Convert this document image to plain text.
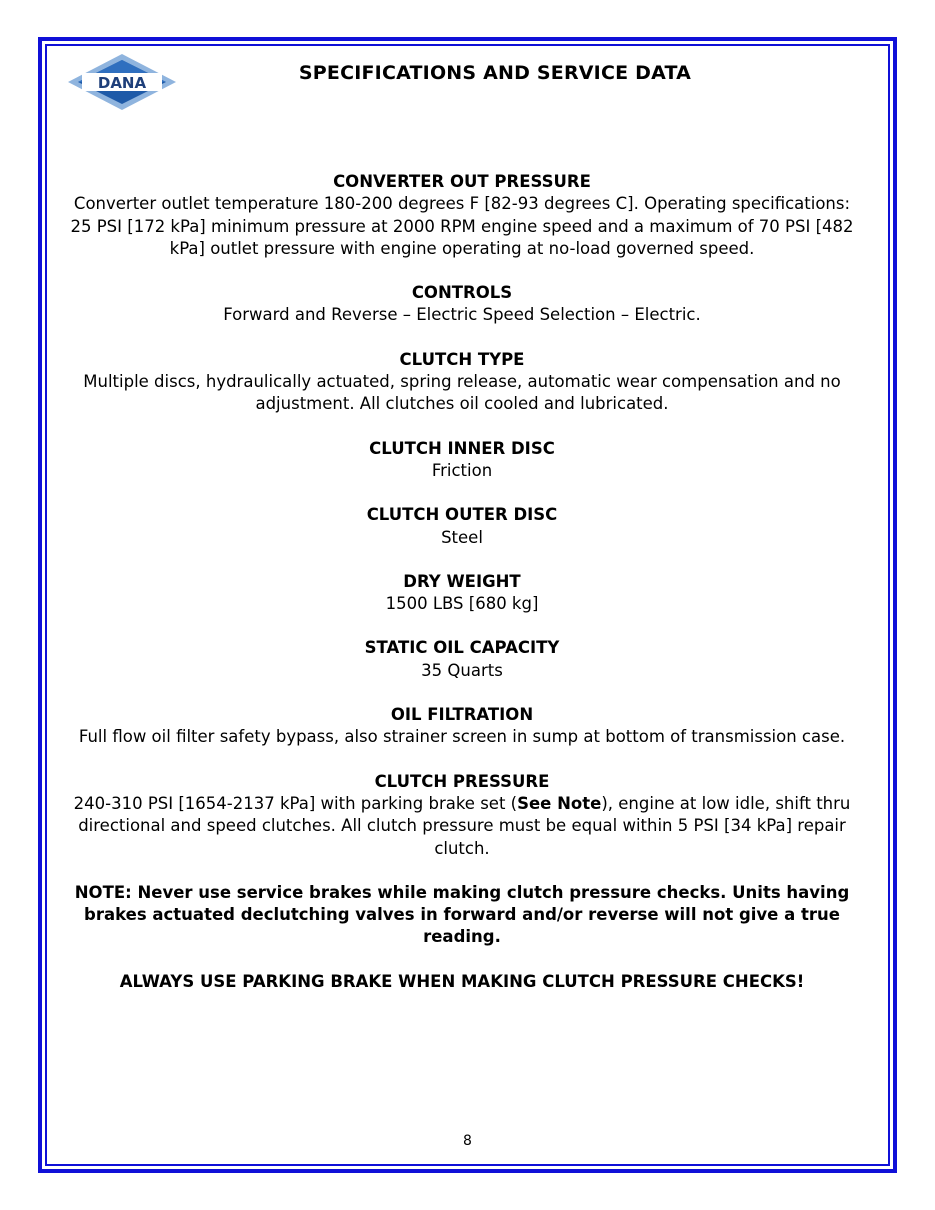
DANA	SPECIFICATIONS AND SERVICE DATA
CONVERTER OUT PRESSURE

Converter outlet temperature 180-200 degrees F [82-93 degrees C]. Operating specifications: 25 PSI [172 kPa] minimum pressure at 2000 RPM engine speed and a maximum of 70 PSI [482 kPa] outlet pressure with engine operating at no-load governed speed.

CONTROLS

Forward and Reverse – Electric Speed Selection – Electric.

CLUTCH TYPE

Multiple discs, hydraulically actuated, spring release, automatic wear compensation and no adjustment. All clutches oil cooled and lubricated.

CLUTCH INNER DISC

Friction

CLUTCH OUTER DISC

Steel

DRY WEIGHT

1500 LBS [680 kg]

STATIC OIL CAPACITY

35 Quarts

OIL FILTRATION

Full flow oil filter safety bypass, also strainer screen in sump at bottom of transmission case.

CLUTCH PRESSURE

240-310 PSI [1654-2137 kPa] with parking brake set (See Note), engine at low idle, shift thru directional and speed clutches. All clutch pressure must be equal within 5 PSI [34 kPa] repair clutch.

NOTE: Never use service brakes while making clutch pressure checks. Units having brakes actuated declutching valves in forward and/or reverse will not give a true reading.

ALWAYS USE PARKING BRAKE WHEN MAKING CLUTCH PRESSURE CHECKS!

8
